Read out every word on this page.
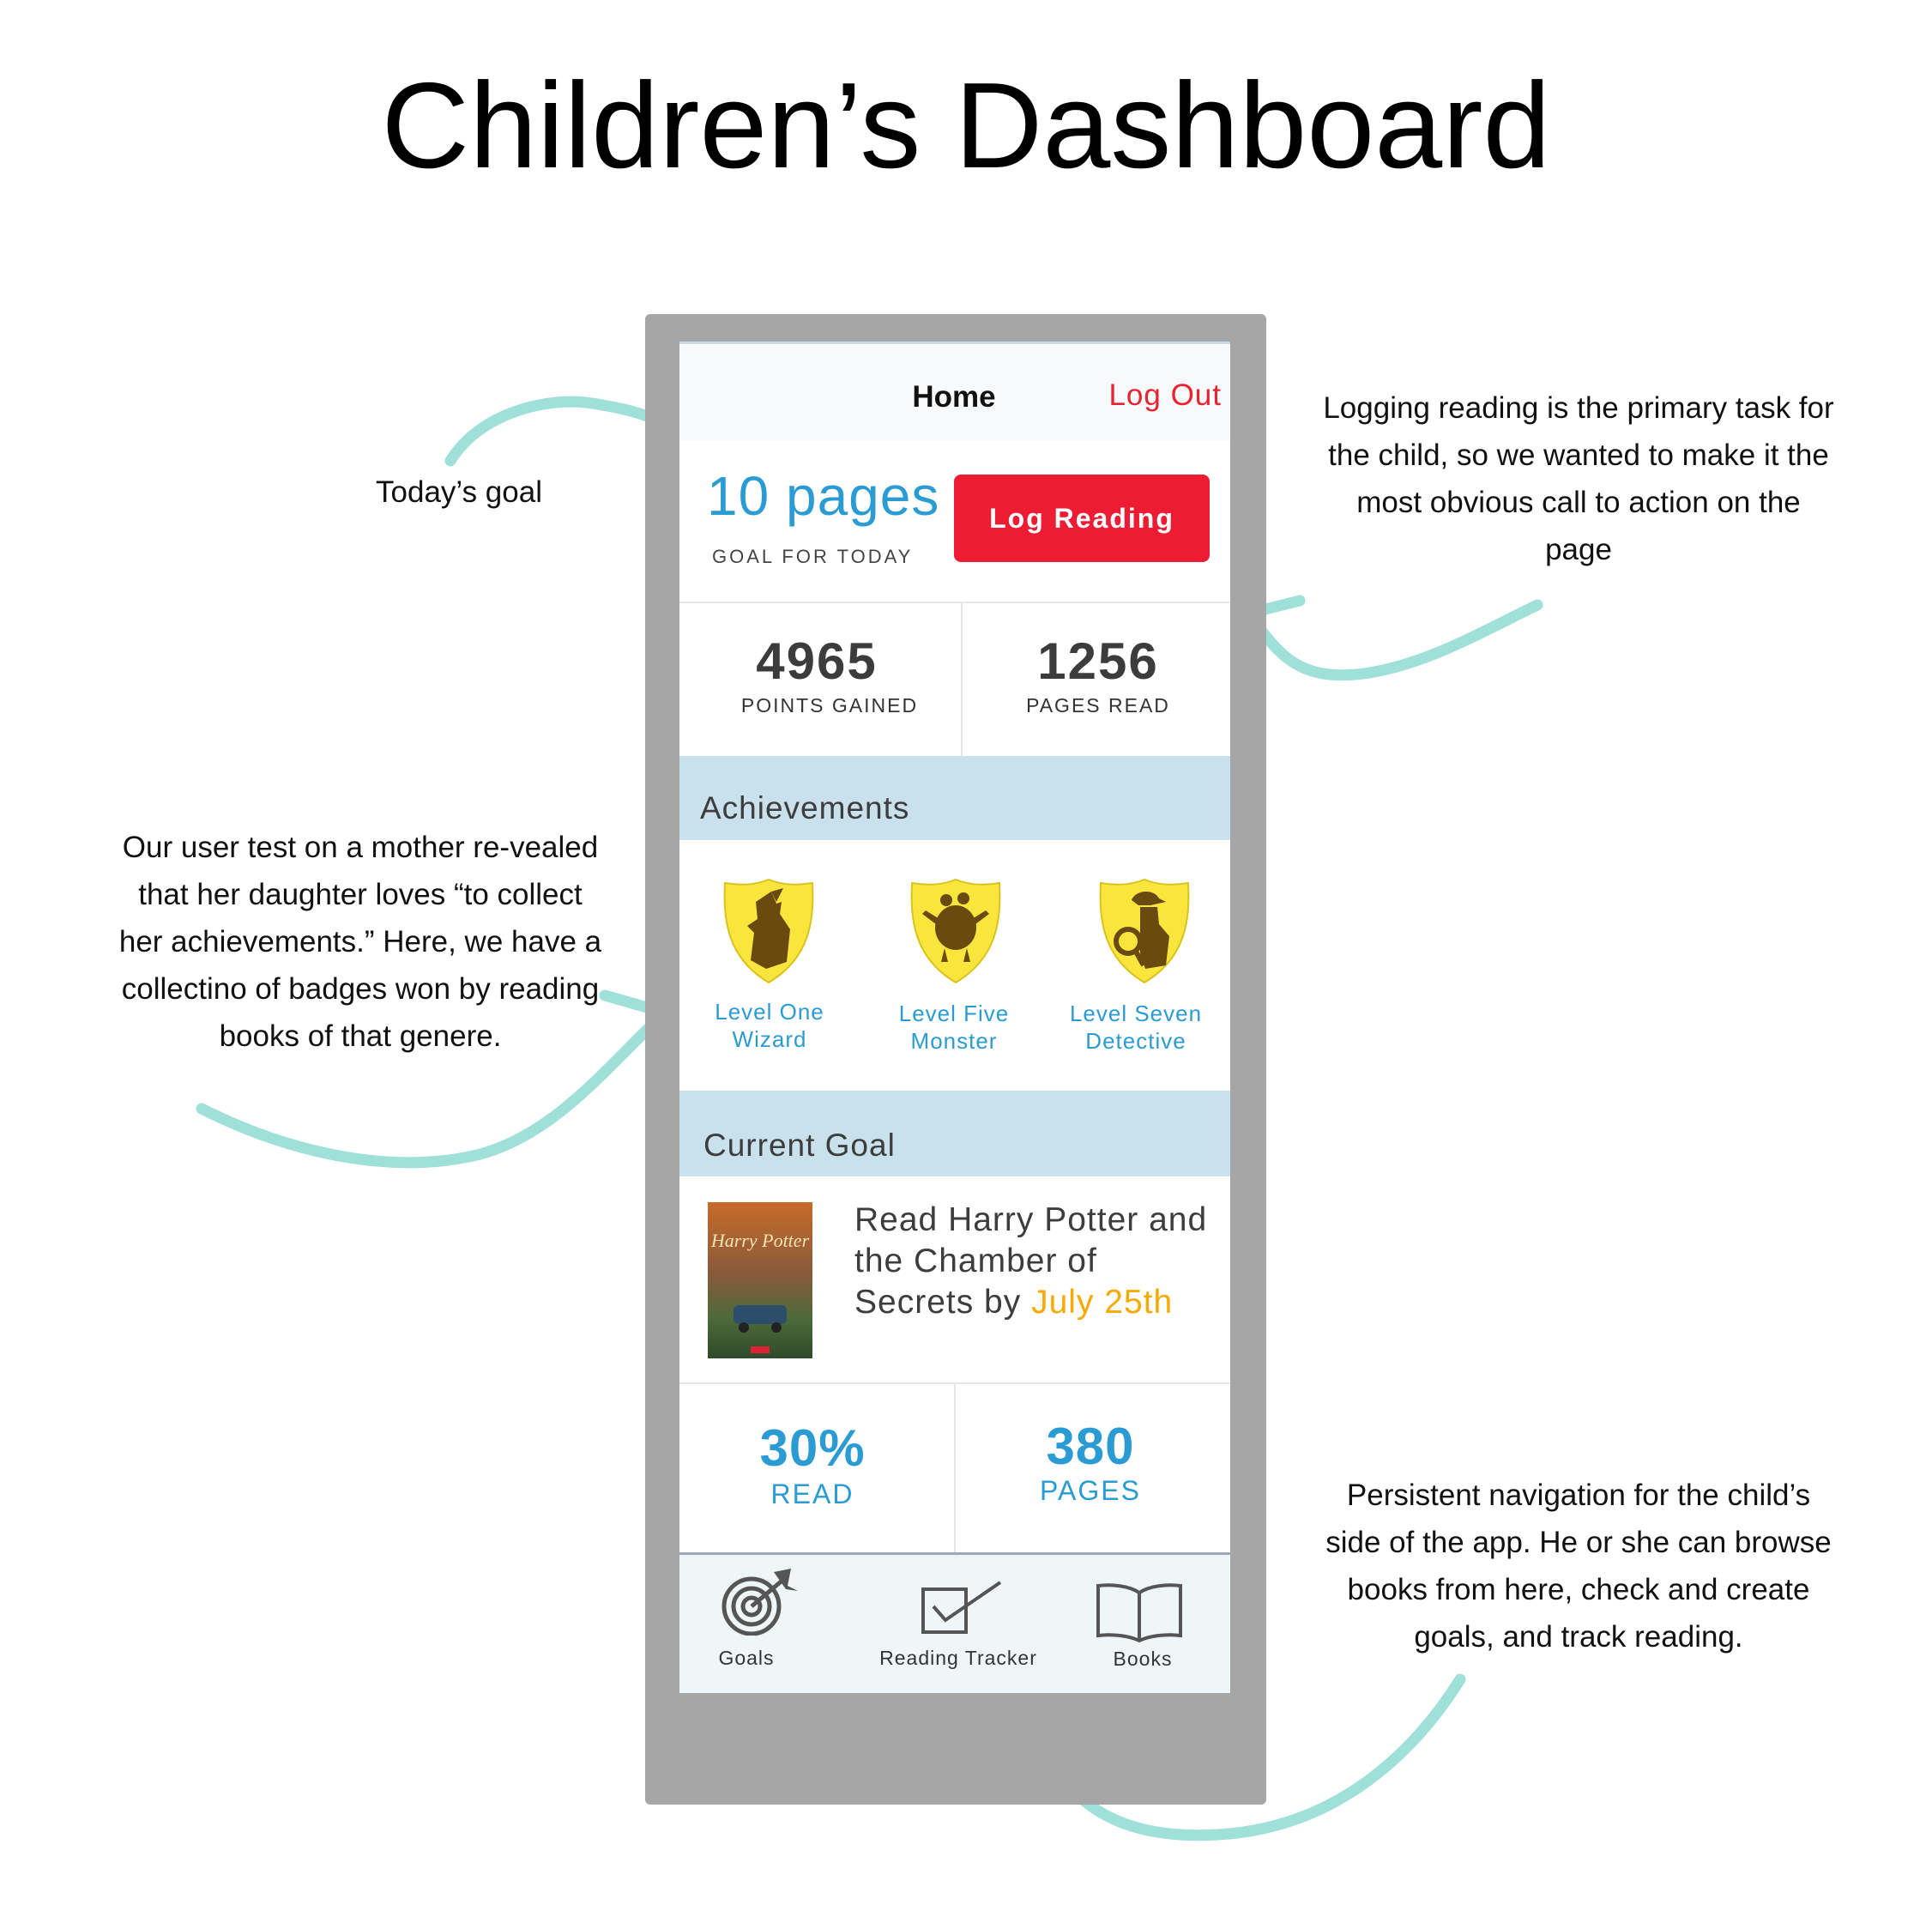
Children’s Dashboard
Today’s goal
Logging reading is the primary task for the child, so we wanted to make it the most obvious call to action on the page
Our user test on a mother re-vealed that her daughter loves “to collect her achievements.” Here, we have a collectino of badges won by reading books of that genere.
Persistent navigation for the child’s side of the app. He or she can browse books from here, check and create goals, and track reading.
Home	Log Out
10 pages
GOAL FOR TODAY
Log Reading
4965
POINTS GAINED
1256
PAGES READ
Achievements
Level One
Wizard
Level Five
Monster
Level Seven
Detective
Current Goal
Harry Potter
Read Harry Potter and the Chamber of Secrets by July 25th
30%
READ
380
PAGES
Goals	Reading Tracker	Books
